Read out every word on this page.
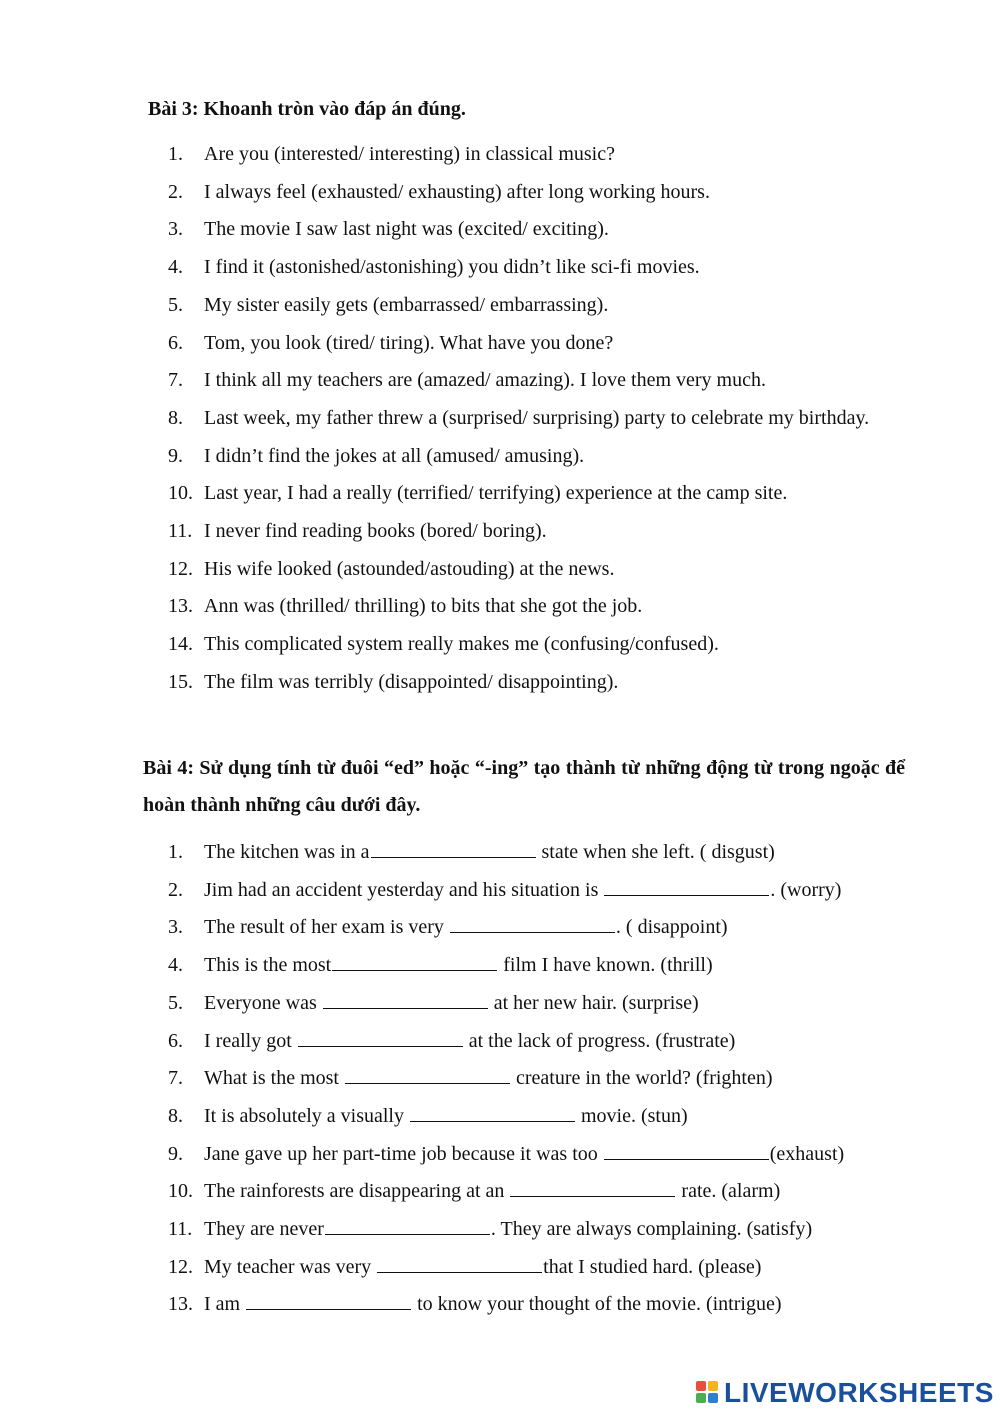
Bài 3: Khoanh tròn vào đáp án đúng.

1.	Are you (interested/ interesting) in classical music?
2.	I always feel (exhausted/ exhausting) after long working hours.
3.	The movie I saw last night was (excited/ exciting).
4.	I find it (astonished/astonishing) you didn’t like sci-fi movies.
5.	My sister easily gets (embarrassed/ embarrassing).
6.	Tom, you look (tired/ tiring). What have you done?
7.	I think all my teachers are (amazed/ amazing). I love them very much.
8.	Last week, my father threw a (surprised/ surprising) party to celebrate my birthday.
9.	I didn’t find the jokes at all (amused/ amusing).
10. Last year, I had a really (terrified/ terrifying) experience at the camp site.
11. I never find reading books (bored/ boring).
12. His wife looked (astounded/astouding) at the news.
13. Ann was (thrilled/ thrilling) to bits that she got the job.
14. This complicated system really makes me (confusing/confused).
15. The film was terribly (disappointed/ disappointing).

Bài 4: Sử dụng tính từ đuôi “ed” hoặc “-ing” tạo thành từ những động từ trong ngoặc để hoàn thành những câu dưới đây.

1.	The kitchen was in a	state when she left. ( disgust)
2.	Jim had an accident yesterday and his situation is	. (worry)
3.	The result of her exam is very	. ( disappoint)
4.	This is the most	film I have known. (thrill)
5.	Everyone was	at her new hair. (surprise)
6.	I really got	at the lack of progress. (frustrate)
7.	What is the most	creature in the world? (frighten)
8.	It is absolutely a visually	movie. (stun)
9.	Jane gave up her part-time job because it was too	(exhaust)
10. The rainforests are disappearing at an	rate. (alarm)
11. They are never	. They are always complaining. (satisfy)
12. My teacher was very	that I studied hard. (please)
13. I am	to know your thought of the movie. (intrigue)
LIVEWORKSHEETS
